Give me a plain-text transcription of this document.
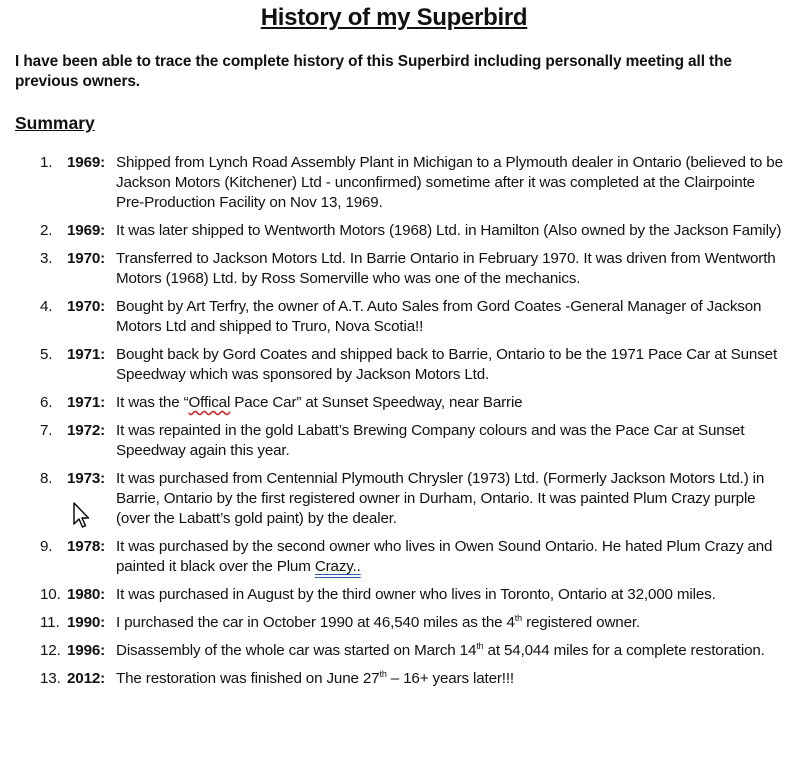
History of my Superbird
I have been able to trace the complete history of this Superbird including personally meeting all the previous owners.
Summary
1. 1969: Shipped from Lynch Road Assembly Plant in Michigan to a Plymouth dealer in Ontario (believed to be Jackson Motors (Kitchener) Ltd - unconfirmed) sometime after it was completed at the Clairpointe Pre-Production Facility on Nov 13, 1969.
2. 1969: It was later shipped to Wentworth Motors (1968) Ltd. in Hamilton (Also owned by the Jackson Family)
3. 1970: Transferred to Jackson Motors Ltd. In Barrie Ontario in February 1970. It was driven from Wentworth Motors (1968) Ltd. by Ross Somerville who was one of the mechanics.
4. 1970: Bought by Art Terfry, the owner of A.T. Auto Sales from Gord Coates -General Manager of Jackson Motors Ltd and shipped to Truro, Nova Scotia!!
5. 1971: Bought back by Gord Coates and shipped back to Barrie, Ontario to be the 1971 Pace Car at Sunset Speedway which was sponsored by Jackson Motors Ltd.
6. 1971: It was the “Offical Pace Car” at Sunset Speedway, near Barrie
7. 1972: It was repainted in the gold Labatt’s Brewing Company colours and was the Pace Car at Sunset Speedway again this year.
8. 1973: It was purchased from Centennial Plymouth Chrysler (1973) Ltd. (Formerly Jackson Motors Ltd.) in Barrie, Ontario by the first registered owner in Durham, Ontario. It was painted Plum Crazy purple (over the Labatt’s gold paint) by the dealer.
9. 1978: It was purchased by the second owner who lives in Owen Sound Ontario. He hated Plum Crazy and painted it black over the Plum Crazy..
10. 1980: It was purchased in August by the third owner who lives in Toronto, Ontario at 32,000 miles.
11. 1990: I purchased the car in October 1990 at 46,540 miles as the 4th registered owner.
12. 1996: Disassembly of the whole car was started on March 14th at 54,044 miles for a complete restoration.
13. 2012: The restoration was finished on June 27th – 16+ years later!!!
